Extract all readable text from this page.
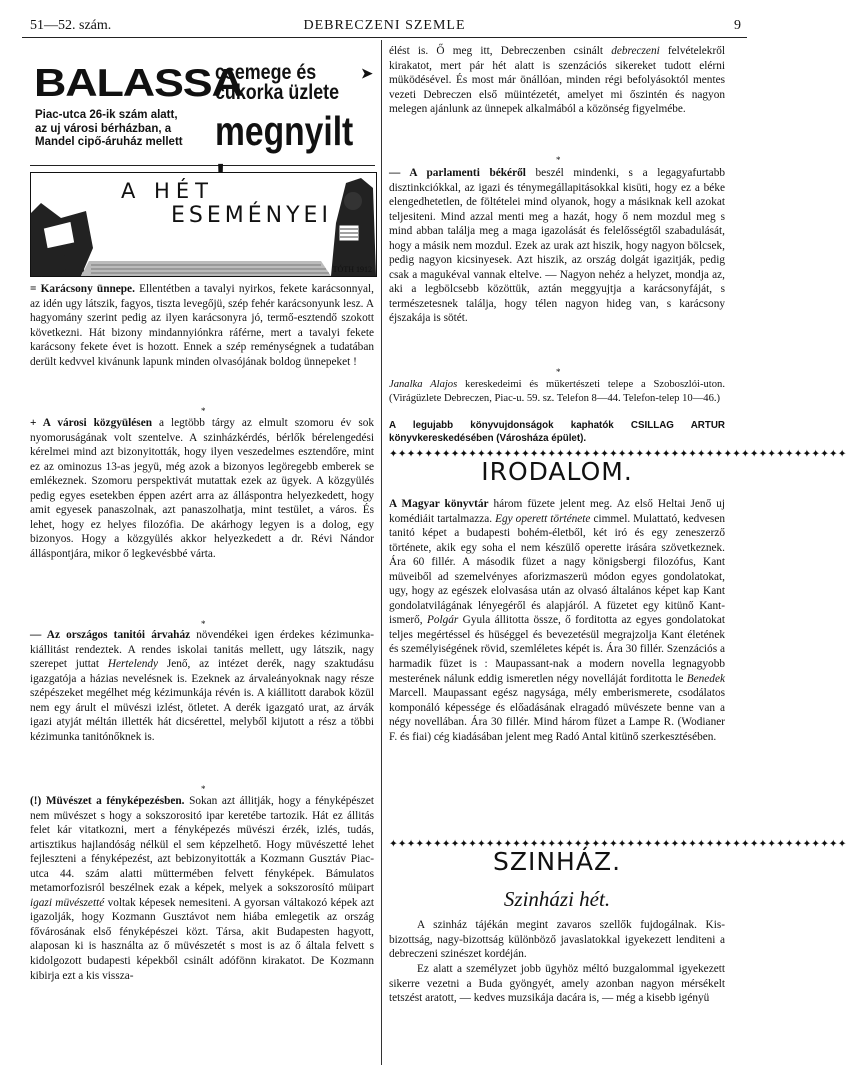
51—52. szám.	DEBRECZENI SZEMLE	9
BALASSA
Piac-utca 26-ik szám alatt,
az uj városi bérházban, a
Mandel cipő-áruház mellett
csemege és
cukorka üzlete
➤
megnyilt
A HÉT
ESEMÉNYEI
TÓTH 1912
= Karácsony ünnepe. Ellentétben a tavalyi nyirkos, fekete karácsonnyal, az idén ugy látszik, fagyos, tiszta levegőjü, szép fehér karácsonyunk lesz. A hagyomány szerint pedig az ilyen karácsonyra jó, termő-esztendő szokott következni. Hát bizony mindannyiónkra ráférne, mert a tavalyi fekete karácsony fekete évet is hozott. Ennek a szép reménységnek a tudatában derült kedvvel kivánunk lapunk minden olvasójának boldog ünnepeket !
*
+ A városi közgyülésen a legtöbb tárgy az elmult szomoru év sok nyomoruságának volt szentelve. A szinházkérdés, bérlők bérelengedési kérelmei mind azt bizonyitották, hogy ilyen veszedelmes esztendőre, mint ez az ominozus 13-as jegyü, még azok a bizonyos legöregebb emberek se emlékeznek. Szomoru perspektivát mutattak ezek az ügyek. A közgyülés pedig egyes esetekben éppen azért arra az álláspontra helyezkedett, hogy amit egyesek panaszolnak, azt panaszolhatja, mint testület, a város. És lehet, hogy ez helyes filozófia. De akárhogy legyen is a dolog, egy bizonyos. Hogy a közgyülés akkor helyezkedett a dr. Révi Nándor álláspontjára, mikor ő legkevésbbé várta.
*
— Az országos tanitói árvaház növendékei igen érdekes kézimunka-kiállitást rendeztek. A rendes iskolai tanitás mellett, ugy látszik, nagy szerepet juttat Hertelendy Jenő, az intézet derék, nagy szaktudásu igazgatója a házias nevelésnek is. Ezeknek az árvaleányoknak nagy része szépészeket megélhet még kézimunkája révén is. A kiállitott darabok közül nem egy árult el müvészi izlést, ötletet. A derék igazgató urat, az árvák igazi atyját méltán illették hát dicsérettel, melyből kijutott a rész a többi kézimunka tanitónőknek is.
*
(!) Müvészet a fényképezésben. Sokan azt állitják, hogy a fényképészet nem müvészet s hogy a sokszorositó ipar keretébe tartozik. Hát ez állitás felet kár vitatkozni, mert a fényképezés müvészi érzék, izlés, tudás, artisztikus hajlandóság nélkül el sem képzelhető. Hogy müvészetté lehet fejleszteni a fényképezést, azt bebizonyitották a Kozmann Gusztáv Piac-utca 44. szám alatti müttermében felvett fényképek. Bámulatos metamorfozisról beszélnek ezak a képek, melyek a sokszorosító müipart igazi müvészetté voltak képesek nemesiteni. A gyorsan váltakozó képek azt igazolják, hogy Kozmann Gusztávot nem hiába emlegetik az ország fővárosának első fényképészei közt. Társa, akit Budapesten hagyott, alaposan ki is használta az ő müvészetét s most is az ő általa felvett s kidolgozott budapesti képekből csinált adófönn kirakatot. De Kozmann kibirja ezt a kis vissza-
élést is. Ő meg itt, Debreczenben csinált debreczeni felvételekről kirakatot, mert pár hét alatt is szenzációs sikereket tudott elérni müködésével. És most már önállóan, minden régi befolyásoktól mentes vezeti Debreczen első müintézetét, amelyet mi őszintén és nagyon melegen ajánlunk az ünnepek alkalmából a közönség figyelmébe.
*
— A parlamenti békéről beszél mindenki, s a legagyafurtabb disztinkciókkal, az igazi és ténymegállapitásokkal kisüti, hogy ez a béke elengedhetetlen, de föltételei mind olyanok, hogy a másiknak kell azokat teljesiteni. Mind azzal menti meg a hazát, hogy ő nem mozdul meg s mind abban találja meg a maga igazolását és felelősségtől szabadulását, hogy a másik nem mozdul. Ezek az urak azt hiszik, hogy nagyon bölcsek, pedig nagyon kicsinyesek. Azt hiszik, az ország dolgát igazitják, pedig csak a magukéval vannak eltelve. — Nagyon nehéz a helyzet, mondja az, aki a legbölcsebb közöttük, aztán meggyujtja a karácsonyfáját, s természetesnek találja, hogy télen nagyon hideg van, s karácsony éjszakája is sötét.
*
Janalka Alajos kereskedeimi és mükertészeti telepe a Szoboszlói-uton. (Virágüzlete Debreczen, Piac-u. 59. sz. Telefon 8—44. Telefon-telep 10—46.)
A legujabb könyvujdonságok kaphatók CSILLAG ARTUR könyvkereskedésében (Városháza épület).
✦✦✦✦✦✦✦✦✦✦✦✦✦✦✦✦✦✦✦✦✦✦✦✦✦✦✦✦✦✦✦✦✦✦✦✦✦✦✦✦✦✦✦✦✦✦✦✦✦✦✦✦
IRODALOM.
A Magyar könyvtár három füzete jelent meg. Az első Heltai Jenő uj komédiáit tartalmazza. Egy operett története cimmel. Mulattató, kedvesen tanitó képet a budapesti bohém-életből, két iró és egy zeneszerző története, akik egy soha el nem készülő operette irására szövetkeznek. Ára 60 fillér. A második füzet a nagy königsbergi filozófus, Kant müveiből ad szemelvényes aforizmaszerü módon egyes gondolatokat, ugy, hogy az egészek elolvasása után az olvasó általános képet kap Kant gondolatvilágának lényegéről és alapjáról. A füzetet egy kitünő Kant-ismerő, Polgár Gyula állitotta össze, ő forditotta az egyes gondolatokat teljes megértéssel és hüséggel és bevezetésül megrajzolja Kant életének és személyiségének rövid, szemléletes képét is. Ára 30 fillér. Szenzációs a harmadik füzet is : Maupassant-nak a modern novella legnagyobb mesterének nálunk eddig ismeretlen négy novelláját forditotta le Benedek Marcell. Maupassant egész nagysága, mély emberismerete, csodálatos komponáló képessége és előadásának elragadó müvészete benne van a négy novellában. Ára 30 fillér. Mind három füzet a Lampe R. (Wodianer F. és fiai) cég kiadásában jelent meg Radó Antal kitünő szerkesztésében.
✦✦✦✦✦✦✦✦✦✦✦✦✦✦✦✦✦✦✦✦✦✦✦✦✦✦✦✦✦✦✦✦✦✦✦✦✦✦✦✦✦✦✦✦✦✦✦✦✦✦✦✦
SZINHÁZ.
Szinházi hét.
A szinház tájékán megint zavaros szellők fujdogálnak. Kis-bizottság, nagy-bizottság különböző javaslatokkal igyekezett lenditeni a debreczeni szinészet kordéján.
Ez alatt a személyzet jobb ügyhöz méltó buzgalommal igyekezett sikerre vezetni a Buda gyöngyét, amely azonban nagyon mérsékelt tetszést aratott, — kedves muzsikája dacára is, — még a kisebb igényü
